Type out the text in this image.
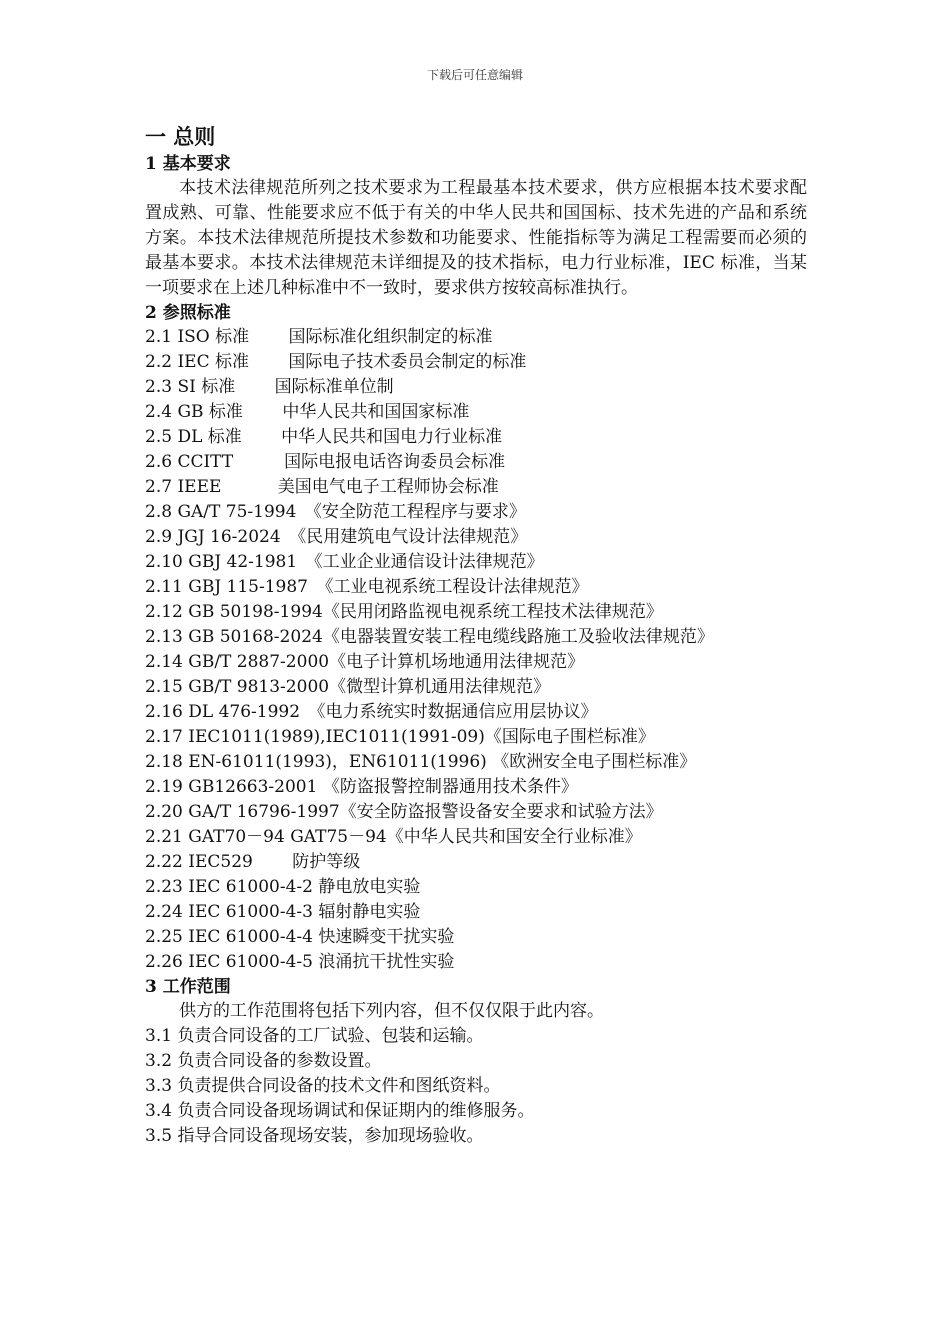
下载后可任意编辑
一 总则
1 基本要求

本技术法律规范所列之技术要求为工程最基本技术要求，供方应根据本技术要求配置成熟、可靠、性能要求应不低于有关的中华人民共和国国标、技术先进的产品和系统方案。本技术法律规范所提技术参数和功能要求、性能指标等为满足工程需要而必须的最基本要求。本技术法律规范未详细提及的技术指标，电力行业标准，IEC 标准，当某一项要求在上述几种标准中不一致时，要求供方按较高标准执行。

2 参照标准
2.1 ISO 标准　　 国际标准化组织制定的标准
2.2 IEC 标准　　 国际电子技术委员会制定的标准
2.3 SI 标准　　 国际标准单位制
2.4 GB 标准　　 中华人民共和国国家标准
2.5 DL 标准　　 中华人民共和国电力行业标准
2.6 CCITT　　　国际电报电话咨询委员会标准
2.7 IEEE　　　 美国电气电子工程师协会标准
2.8 GA/T 75-1994　《安全防范工程程序与要求》
2.9 JGJ 16-2024　《民用建筑电气设计法律规范》
2.10 GBJ 42-1981　《工业企业通信设计法律规范》
2.11 GBJ 115-1987　《工业电视系统工程设计法律规范》
2.12 GB 50198-1994《民用闭路监视电视系统工程技术法律规范》
2.13 GB 50168-2024《电器装置安装工程电缆线路施工及验收法律规范》
2.14 GB/T 2887-2000《电子计算机场地通用法律规范》
2.15 GB/T 9813-2000《微型计算机通用法律规范》
2.16 DL 476-1992　《电力系统实时数据通信应用层协议》
2.17 IEC1011(1989),IEC1011(1991-09)《国际电子围栏标准》
2.18 EN-61011(1993)，EN61011(1996) 《欧洲安全电子围栏标准》
2.19 GB12663-2001 《防盗报警控制器通用技术条件》
2.20 GA/T 16796-1997《安全防盗报警设备安全要求和试验方法》
2.21 GAT70－94 GAT75－94《中华人民共和国安全行业标准》
2.22 IEC529　　 防护等级
2.23 IEC 61000-4-2 静电放电实验
2.24 IEC 61000-4-3 辐射静电实验
2.25 IEC 61000-4-4 快速瞬变干扰实验
2.26 IEC 61000-4-5 浪涌抗干扰性实验
3 工作范围

供方的工作范围将包括下列内容，但不仅仅限于此内容。

3.1 负责合同设备的工厂试验、包装和运输。
3.2 负责合同设备的参数设置。
3.3 负责提供合同设备的技术文件和图纸资料。
3.4 负责合同设备现场调试和保证期内的维修服务。
3.5 指导合同设备现场安装，参加现场验收。
